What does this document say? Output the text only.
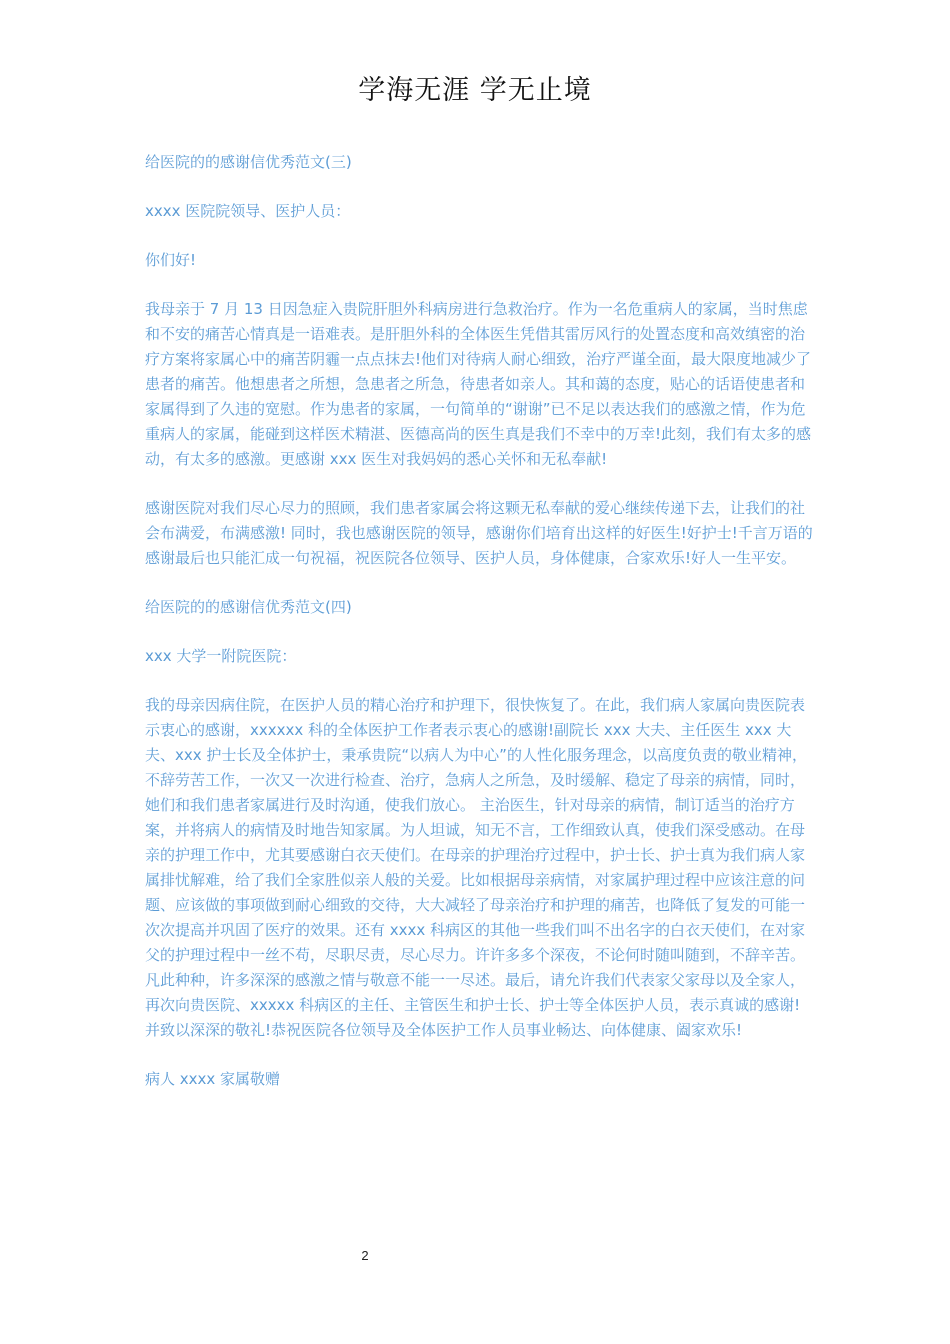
学海无涯 学无止境

给医院的的感谢信优秀范文(三)

xxxx 医院院领导、医护人员：

你们好!

我母亲于 7 月 13 日因急症入贵院肝胆外科病房进行急救治疗。作为一名危重病人的家属，当时焦虑和不安的痛苦心情真是一语难表。是肝胆外科的全体医生凭借其雷厉风行的处置态度和高效缜密的治疗方案将家属心中的痛苦阴霾一点点抹去!他们对待病人耐心细致，治疗严谨全面，最大限度地减少了患者的痛苦。他想患者之所想，急患者之所急，待患者如亲人。其和蔼的态度，贴心的话语使患者和家属得到了久违的宽慰。作为患者的家属，一句简单的“谢谢”已不足以表达我们的感激之情，作为危重病人的家属，能碰到这样医术精湛、医德高尚的医生真是我们不幸中的万幸!此刻，我们有太多的感动，有太多的感激。更感谢 xxx 医生对我妈妈的悉心关怀和无私奉献!

感谢医院对我们尽心尽力的照顾，我们患者家属会将这颗无私奉献的爱心继续传递下去，让我们的社会布满爱，布满感激! 同时，我也感谢医院的领导，感谢你们培育出这样的好医生!好护士!千言万语的感谢最后也只能汇成一句祝福，祝医院各位领导、医护人员，身体健康，合家欢乐!好人一生平安。

给医院的的感谢信优秀范文(四)

xxx 大学一附院医院：

我的母亲因病住院，在医护人员的精心治疗和护理下，很快恢复了。在此，我们病人家属向贵医院表示衷心的感谢，xxxxxx 科的全体医护工作者表示衷心的感谢!副院长 xxx 大夫、主任医生 xxx 大夫、xxx 护士长及全体护士，秉承贵院“以病人为中心”的人性化服务理念，以高度负责的敬业精神，不辞劳苦工作，一次又一次进行检查、治疗，急病人之所急，及时缓解、稳定了母亲的病情，同时，她们和我们患者家属进行及时沟通，使我们放心。 主治医生，针对母亲的病情，制订适当的治疗方案，并将病人的病情及时地告知家属。为人坦诚，知无不言，工作细致认真，使我们深受感动。在母亲的护理工作中，尤其要感谢白衣天使们。在母亲的护理治疗过程中，护士长、护士真为我们病人家属排忧解难，给了我们全家胜似亲人般的关爱。比如根据母亲病情，对家属护理过程中应该注意的问题、应该做的事项做到耐心细致的交待，大大减轻了母亲治疗和护理的痛苦，也降低了复发的可能一次次提高并巩固了医疗的效果。还有 xxxx 科病区的其他一些我们叫不出名字的白衣天使们，在对家父的护理过程中一丝不苟，尽职尽责，尽心尽力。许许多多个深夜，不论何时随叫随到，不辞辛苦。凡此种种，许多深深的感激之情与敬意不能一一尽述。最后，请允许我们代表家父家母以及全家人，再次向贵医院、xxxxx 科病区的主任、主管医生和护士长、护士等全体医护人员，表示真诚的感谢!并致以深深的敬礼!恭祝医院各位领导及全体医护工作人员事业畅达、向体健康、阖家欢乐!

病人 xxxx 家属敬赠

2
